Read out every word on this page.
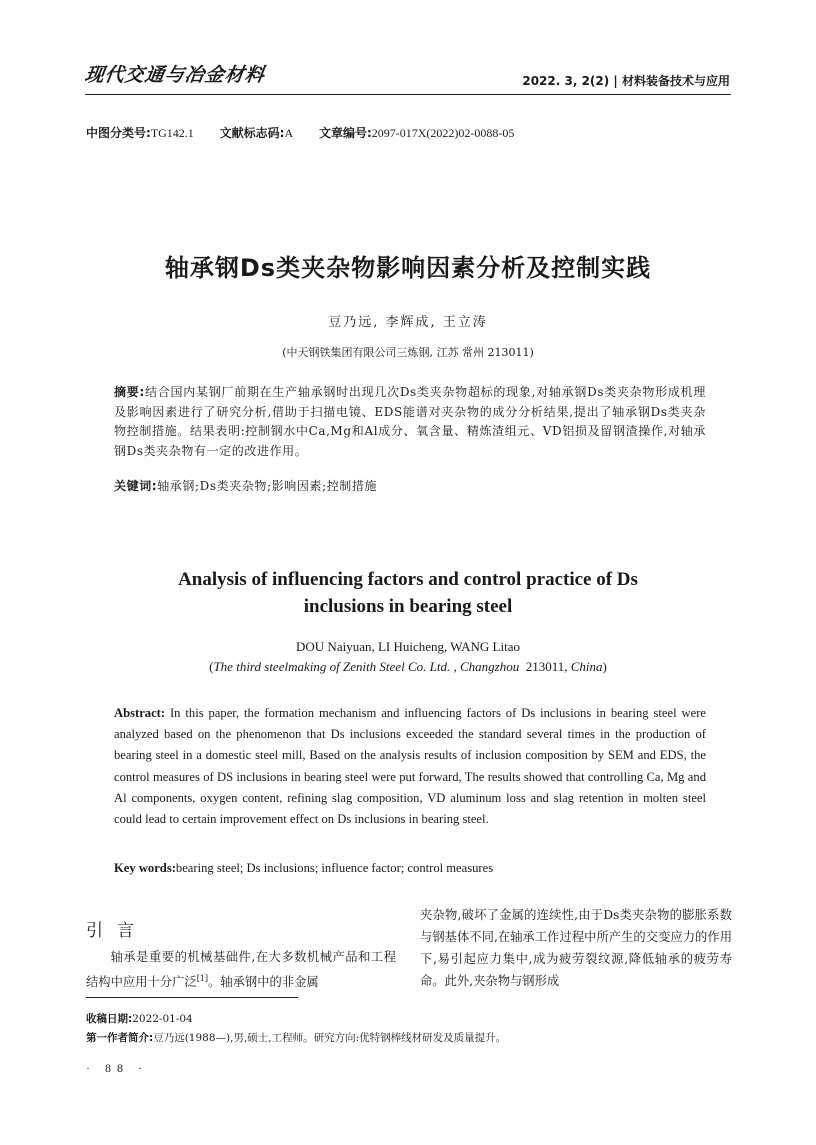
现代交通与冶金材料	2022. 3, 2(2) | 材料装备技术与应用
中图分类号:TG142.1 文献标志码:A 文章编号:2097-017X(2022)02-0088-05
轴承钢Ds类夹杂物影响因素分析及控制实践
豆乃远, 李辉成, 王立涛
(中天钢铁集团有限公司三炼钢, 江苏 常州 213011)
摘要:结合国内某钢厂前期在生产轴承钢时出现几次Ds类夹杂物超标的现象,对轴承钢Ds类夹杂物形成机理及影响因素进行了研究分析,借助于扫描电镜、EDS能谱对夹杂物的成分分析结果,提出了轴承钢Ds类夹杂物控制措施。结果表明:控制钢水中Ca,Mg和Al成分、氧含量、精炼渣组元、VD铝损及留钢渣操作,对轴承钢Ds类夹杂物有一定的改进作用。
关键词:轴承钢;Ds类夹杂物;影响因素;控制措施
Analysis of influencing factors and control practice of Ds
inclusions in bearing steel
DOU Naiyuan, LI Huicheng, WANG Litao
(The third steelmaking of Zenith Steel Co. Ltd. , Changzhou 213011, China)
Abstract: In this paper, the formation mechanism and influencing factors of Ds inclusions in bearing steel were analyzed based on the phenomenon that Ds inclusions exceeded the standard several times in the production of bearing steel in a domestic steel mill, Based on the analysis results of inclusion composition by SEM and EDS, the control measures of DS inclusions in bearing steel were put forward, The results showed that controlling Ca, Mg and Al components, oxygen content, refining slag composition, VD aluminum loss and slag retention in molten steel could lead to certain improvement effect on Ds inclusions in bearing steel.
Key words:bearing steel; Ds inclusions; influence factor; control measures
引言

轴承是重要的机械基础件,在大多数机械产品和工程结构中应用十分广泛[1]。轴承钢中的非金属

夹杂物,破坏了金属的连续性,由于Ds类夹杂物的膨胀系数与钢基体不同,在轴承工作过程中所产生的交变应力的作用下,易引起应力集中,成为疲劳裂纹源,降低轴承的疲劳寿命。此外,夹杂物与钢形成

收稿日期:2022-01-04
第一作者简介:豆乃远(1988—),男,硕士,工程师。研究方向:优特钢棒线材研发及质量提升。
· 88 ·
